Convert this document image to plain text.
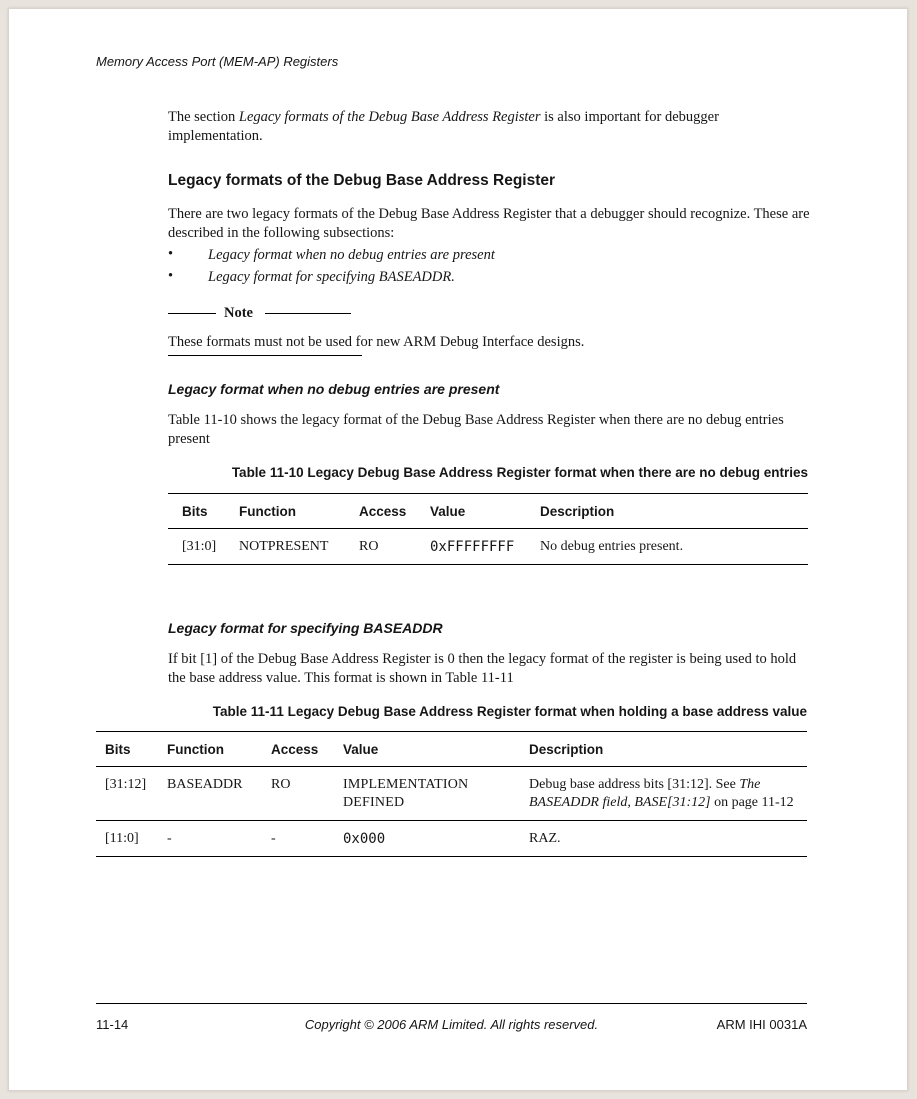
Memory Access Port (MEM-AP) Registers

The section Legacy formats of the Debug Base Address Register is also important for debugger implementation.

Legacy formats of the Debug Base Address Register

There are two legacy formats of the Debug Base Address Register that a debugger should recognize. These are described in the following subsections:

•	Legacy format when no debug entries are present
•	Legacy format for specifying BASEADDR.
Note

These formats must not be used for new ARM Debug Interface designs.

Legacy format when no debug entries are present

Table 11-10 shows the legacy format of the Debug Base Address Register when there are no debug entries present

Table 11-10 Legacy Debug Base Address Register format when there are no debug entries
Bits	Function	Access	Value	Description
[31:0]	NOTPRESENT	RO	0xFFFFFFFF	No debug entries present.
Legacy format for specifying BASEADDR

If bit [1] of the Debug Base Address Register is 0 then the legacy format of the register is being used to hold the base address value. This format is shown in Table 11-11

Table 11-11 Legacy Debug Base Address Register format when holding a base address value
Bits	Function	Access	Value	Description
[31:12]	BASEADDR	RO	IMPLEMENTATION DEFINED	Debug base address bits [31:12]. See The BASEADDR field, BASE[31:12] on page 11-12
[11:0]	-	-	0x000	RAZ.
11-14	Copyright © 2006 ARM Limited. All rights reserved.	ARM IHI 0031A
